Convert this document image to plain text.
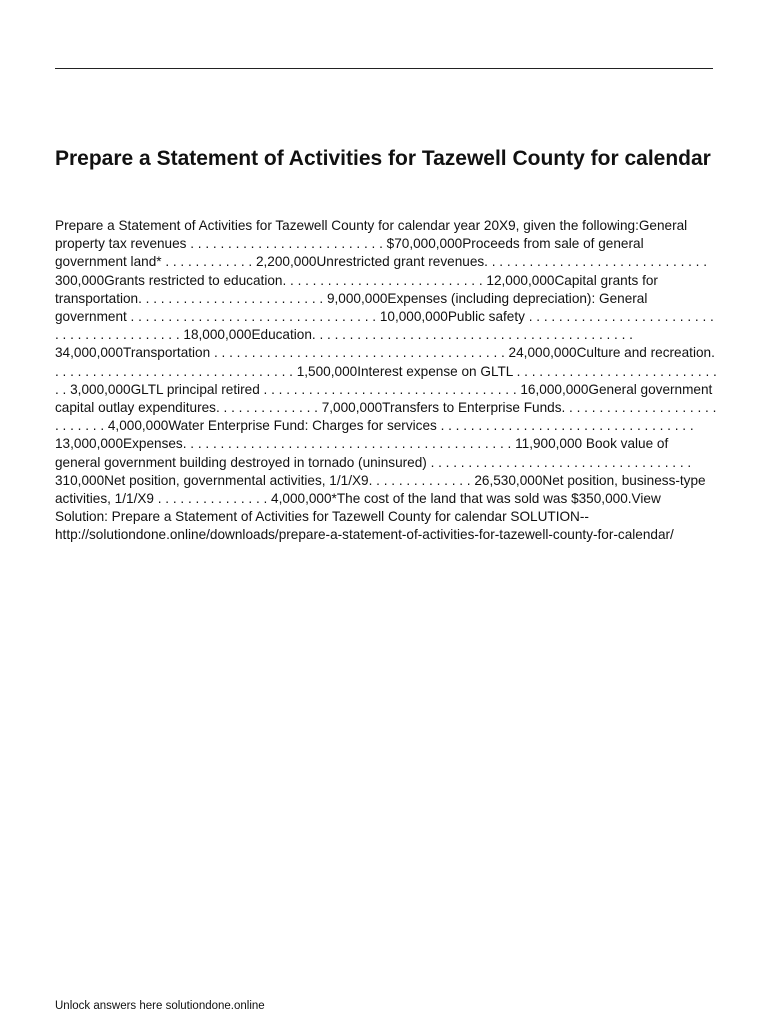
Prepare a Statement of Activities for Tazewell County for calendar

Prepare a Statement of Activities for Tazewell County for calendar year 20X9, given the following:General property tax revenues . . . . . . . . . . . . . . . . . . . . . . . . . . $70,000,000Proceeds from sale of general government land* . . . . . . . . . . . . 2,200,000Unrestricted grant revenues. . . . . . . . . . . . . . . . . . . . . . . . . . . . . . 300,000Grants restricted to education. . . . . . . . . . . . . . . . . . . . . . . . . . . 12,000,000Capital grants for transportation. . . . . . . . . . . . . . . . . . . . . . . . . 9,000,000Expenses (including depreciation): General government . . . . . . . . . . . . . . . . . . . . . . . . . . . . . . . . . 10,000,000Public safety . . . . . . . . . . . . . . . . . . . . . . . . . . . . . . . . . . . . . . . . . . 18,000,000Education. . . . . . . . . . . . . . . . . . . . . . . . . . . . . . . . . . . . . . . . . . . 34,000,000Transportation . . . . . . . . . . . . . . . . . . . . . . . . . . . . . . . . . . . . . . . 24,000,000Culture and recreation. . . . . . . . . . . . . . . . . . . . . . . . . . . . . . . . . 1,500,000Interest expense on GLTL . . . . . . . . . . . . . . . . . . . . . . . . . . . . . 3,000,000GLTL principal retired . . . . . . . . . . . . . . . . . . . . . . . . . . . . . . . . . . 16,000,000General government capital outlay expenditures. . . . . . . . . . . . . . 7,000,000Transfers to Enterprise Funds. . . . . . . . . . . . . . . . . . . . . . . . . . . . 4,000,000Water Enterprise Fund: Charges for services . . . . . . . . . . . . . . . . . . . . . . . . . . . . . . . . . . 13,000,000Expenses. . . . . . . . . . . . . . . . . . . . . . . . . . . . . . . . . . . . . . . . . . . . 11,900,000 Book value of general government building destroyed in tornado (uninsured) . . . . . . . . . . . . . . . . . . . . . . . . . . . . . . . . . . . 310,000Net position, governmental activities, 1/1/X9. . . . . . . . . . . . . . 26,530,000Net position, business-type activities, 1/1/X9 . . . . . . . . . . . . . . . 4,000,000*The cost of the land that was sold was $350,000.View Solution: Prepare a Statement of Activities for Tazewell County for calendar SOLUTION-- http://solutiondone.online/downloads/prepare-a-statement-of-activities-for-tazewell-county-for-calendar/

Unlock answers here solutiondone.online
